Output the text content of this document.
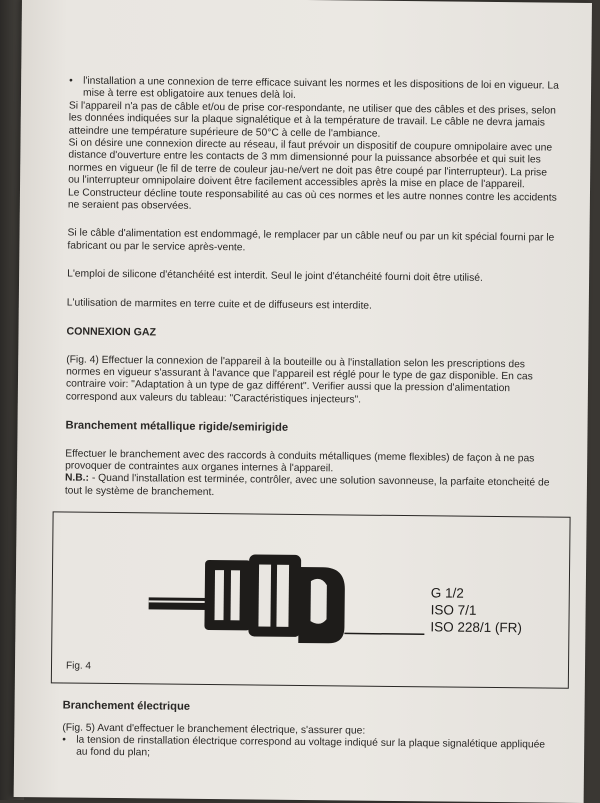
• l'installation a une connexion de terre efficace suivant les normes et les dispositions de loi en vigueur. La mise à terre est obligatoire aux tenues delà loi.

Si l'appareil n'a pas de câble et/ou de prise cor-respondante, ne utiliser que des câbles et des prises, selon les données indiquées sur la plaque signalétique et à la température de travail. Le câble ne devra jamais atteindre une température supérieure de 50°C à celle de l'ambiance.

Si on désire une connexion directe au réseau, il faut prévoir un dispositif de coupure omnipolaire avec une distance d'ouverture entre les contacts de 3 mm dimensionné pour la puissance absorbée et qui suit les normes en vigueur (le fil de terre de couleur jau-ne/vert ne doit pas être coupé par l'interrupteur). La prise ou l'interrupteur omnipolaire doivent être facilement accessibles après la mise en place de l'appareil.

Le Constructeur décline toute responsabilité au cas où ces normes et les autre nonnes contre les accidents ne seraient pas observées.

Si le câble d'alimentation est endommagé, le remplacer par un câble neuf ou par un kit spécial fourni par le fabricant ou par le service après-vente.

L'emploi de silicone d'étanchéité est interdit. Seul le joint d'étanchéité fourni doit être utilisé.

L'utilisation de marmites en terre cuite et de diffuseurs est interdite.

CONNEXION GAZ

(Fig. 4) Effectuer la connexion de l'appareil à la bouteille ou à l'installation selon les prescriptions des normes en vigueur s'assurant à l'avance que l'appareil est réglé pour le type de gaz disponible. En cas contraire voir: "Adaptation à un type de gaz différent". Verifier aussi que la pression d'alimentation correspond aux valeurs du tableau: "Caractéristiques injecteurs".

Branchement métallique rigide/semirigide

Effectuer le branchement avec des raccords à conduits métalliques (meme flexibles) de façon à ne pas provoquer de contraintes aux organes internes à l'appareil.

N.B.: - Quand l'installation est terminée, contrôler, avec une solution savonneuse, la parfaite etoncheité de tout le système de branchement.

G 1/2
ISO 7/1
ISO 228/1 (FR)
Fig. 4

Branchement électrique

(Fig. 5) Avant d'effectuer le branchement électrique, s'assurer que:

• la tension de rinstallation électrique correspond au voltage indiqué sur la plaque signalétique appliquée au fond du plan;
